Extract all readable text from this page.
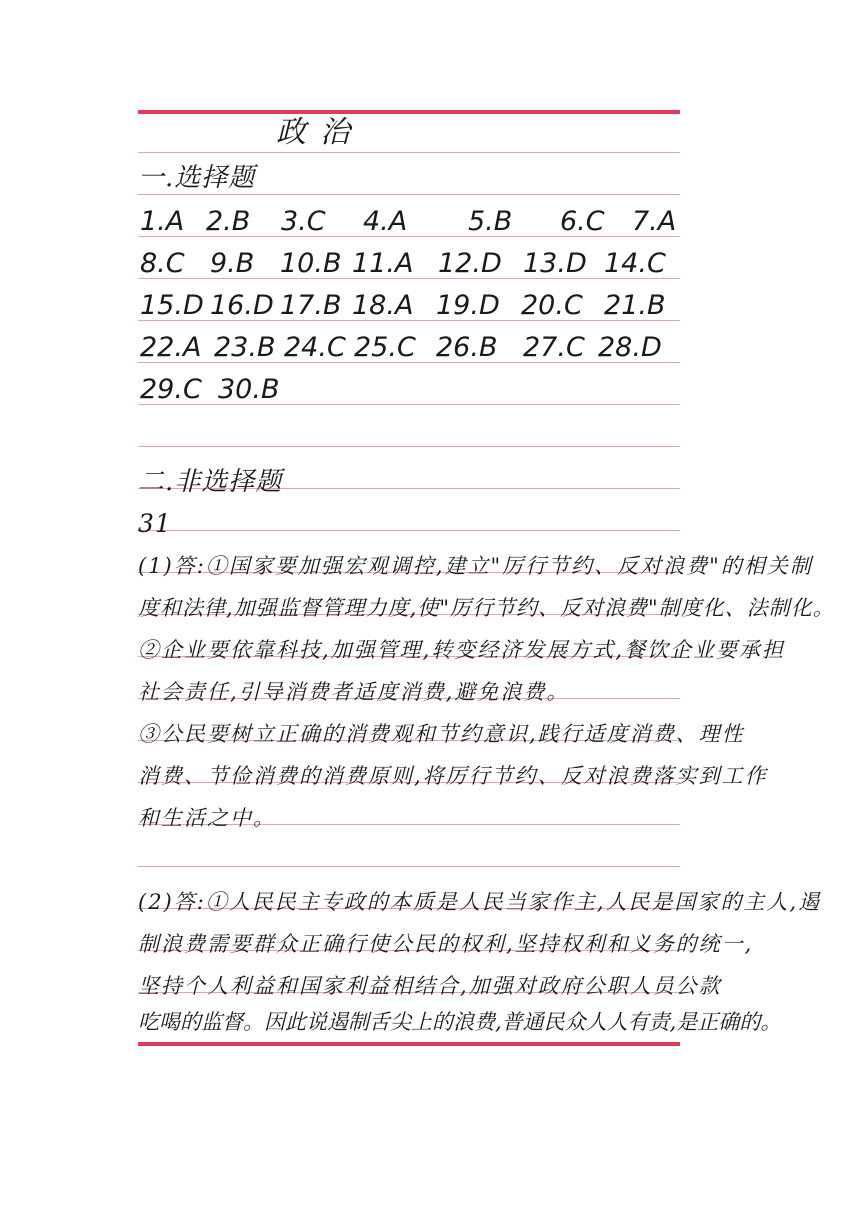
政治
一.选择题
1.A 2.B 3.C 4.A 5.B 6.C 7.A
8.C 9.B 10.B 11.A 12.D 13.D 14.C
15.D 16.D 17.B 18.A 19.D 20.C 21.B
22.A 23.B 24.C 25.C 26.B 27.C 28.D
29.C 30.B
二.非选择题
31
(1)答:①国家要加强宏观调控,建立"厉行节约、反对浪费"的相关制
度和法律,加强监督管理力度,使"厉行节约、反对浪费"制度化、法制化。
②企业要依靠科技,加强管理,转变经济发展方式,餐饮企业要承担
社会责任,引导消费者适度消费,避免浪费。
③公民要树立正确的消费观和节约意识,践行适度消费、理性
消费、节俭消费的消费原则,将厉行节约、反对浪费落实到工作
和生活之中。
(2)答:①人民民主专政的本质是人民当家作主,人民是国家的主人,遏
制浪费需要群众正确行使公民的权利,坚持权利和义务的统一,
坚持个人利益和国家利益相结合,加强对政府公职人员公款
吃喝的监督。因此说遏制舌尖上的浪费,普通民众人人有责,是正确的。
